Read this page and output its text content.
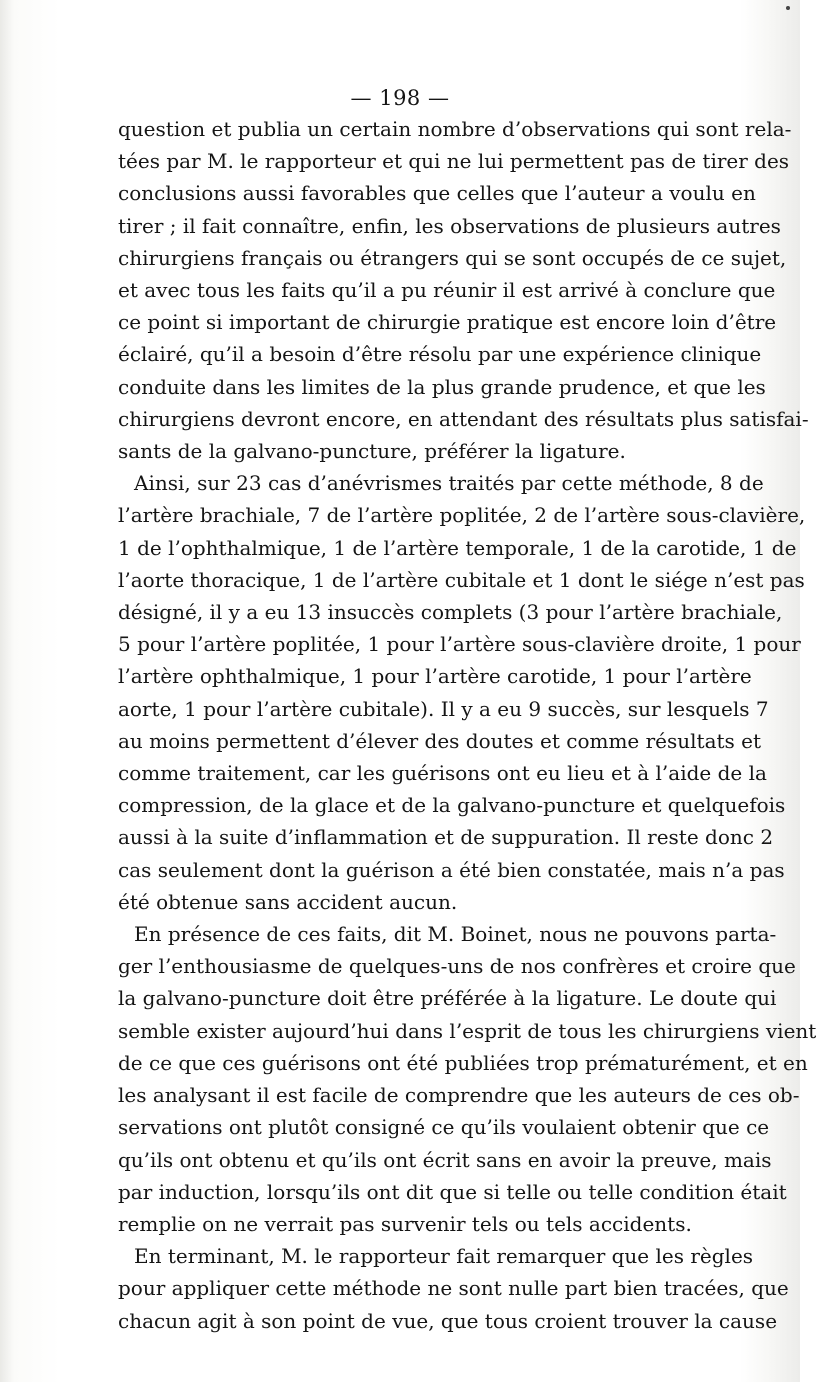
— 198 —
question et publia un certain nombre d’observations qui sont rela-
tées par M. le rapporteur et qui ne lui permettent pas de tirer des
conclusions aussi favorables que celles que l’auteur a voulu en
tirer ; il fait connaître, enfin, les observations de plusieurs autres
chirurgiens français ou étrangers qui se sont occupés de ce sujet,
et avec tous les faits qu’il a pu réunir il est arrivé à conclure que
ce point si important de chirurgie pratique est encore loin d’être
éclairé, qu’il a besoin d’être résolu par une expérience clinique
conduite dans les limites de la plus grande prudence, et que les
chirurgiens devront encore, en attendant des résultats plus satisfai-
sants de la galvano-puncture, préférer la ligature.
Ainsi, sur 23 cas d’anévrismes traités par cette méthode, 8 de
l’artère brachiale, 7 de l’artère poplitée, 2 de l’artère sous-clavière,
1 de l’ophthalmique, 1 de l’artère temporale, 1 de la carotide, 1 de
l’aorte thoracique, 1 de l’artère cubitale et 1 dont le siége n’est pas
désigné, il y a eu 13 insuccès complets (3 pour l’artère brachiale,
5 pour l’artère poplitée, 1 pour l’artère sous-clavière droite, 1 pour
l’artère ophthalmique, 1 pour l’artère carotide, 1 pour l’artère
aorte, 1 pour l’artère cubitale). Il y a eu 9 succès, sur lesquels 7
au moins permettent d’élever des doutes et comme résultats et
comme traitement, car les guérisons ont eu lieu et à l’aide de la
compression, de la glace et de la galvano-puncture et quelquefois
aussi à la suite d’inflammation et de suppuration. Il reste donc 2
cas seulement dont la guérison a été bien constatée, mais n’a pas
été obtenue sans accident aucun.
En présence de ces faits, dit M. Boinet, nous ne pouvons parta-
ger l’enthousiasme de quelques-uns de nos confrères et croire que
la galvano-puncture doit être préférée à la ligature. Le doute qui
semble exister aujourd’hui dans l’esprit de tous les chirurgiens vient
de ce que ces guérisons ont été publiées trop prématurément, et en
les analysant il est facile de comprendre que les auteurs de ces ob-
servations ont plutôt consigné ce qu’ils voulaient obtenir que ce
qu’ils ont obtenu et qu’ils ont écrit sans en avoir la preuve, mais
par induction, lorsqu’ils ont dit que si telle ou telle condition était
remplie on ne verrait pas survenir tels ou tels accidents.
En terminant, M. le rapporteur fait remarquer que les règles
pour appliquer cette méthode ne sont nulle part bien tracées, que
chacun agit à son point de vue, que tous croient trouver la cause
